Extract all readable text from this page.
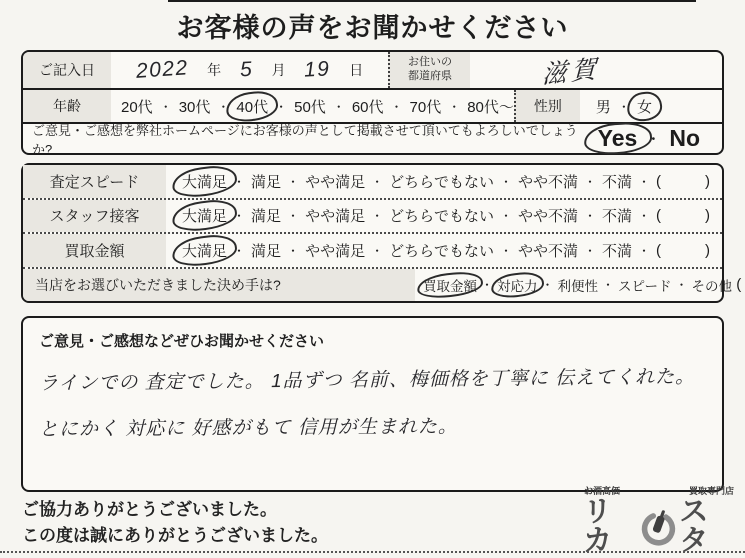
お客様の声をお聞かせください
ご記入日	2022 年 5 月 19 日	お住いの
都道府県	滋賀
年齢	20代 ・ 30代 ・ 40代 ・ 50代 ・ 60代 ・ 70代 ・ 80代〜	性別	男 ・ 女
ご意見・ご感想を弊社ホームページにお客様の声として掲載させて頂いてもよろしいでしょうか?	Yes ・ No
査定スピード	大満足 ・ 満足 ・ やや満足 ・ どちらでもない ・ やや不満 ・ 不満 ・ (	)
スタッフ接客	大満足 ・ 満足 ・ やや満足 ・ どちらでもない ・ やや不満 ・ 不満 ・ (	)
買取金額	大満足 ・ 満足 ・ やや満足 ・ どちらでもない ・ やや不満 ・ 不満 ・ (	)
当店をお選びいただきました決め手は?	買取金額 ・ 対応力 ・ 利便性 ・ スピード ・ その他 (
ご意見・ご感想などぜひお聞かせください
ラインでの 査定でした。 1品ずつ 名前、梅価格を丁寧に 伝えてくれた。
とにかく 対応に 好感がもて 信用が生まれた。
ご協力ありがとうございました。
この度は誠にありがとうございました。
お酒高価	買取専門店
リカ
スタ
